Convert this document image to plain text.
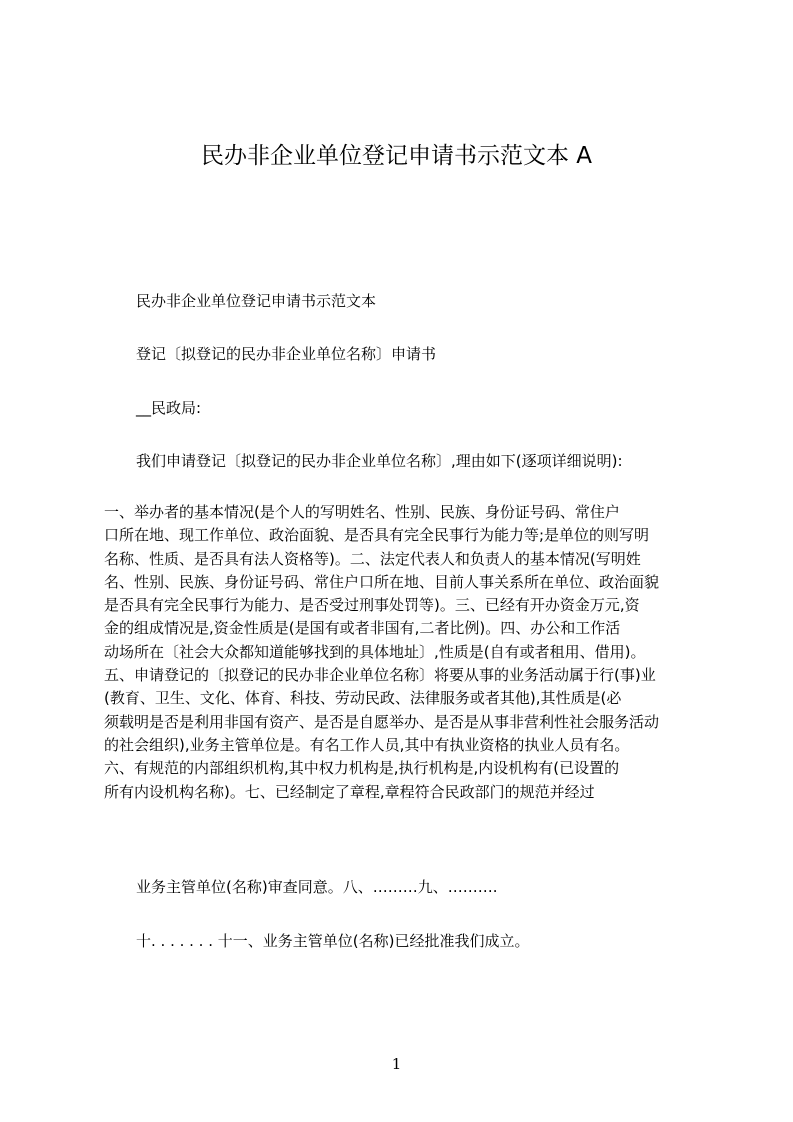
民办非企业单位登记申请书示范文本 A

民办非企业单位登记申请书示范文本

登记〔拟登记的民办非企业单位名称〕申请书

__民政局:

我们申请登记〔拟登记的民办非企业单位名称〕,理由如下(逐项详细说明):

一、举办者的基本情况(是个人的写明姓名、性别、民族、身份证号码、常住户
口所在地、现工作单位、政治面貌、是否具有完全民事行为能力等;是单位的则写明
名称、性质、是否具有法人资格等)。二、法定代表人和负责人的基本情况(写明姓
名、性别、民族、身份证号码、常住户口所在地、目前人事关系所在单位、政治面貌
是否具有完全民事行为能力、是否受过刑事处罚等)。三、已经有开办资金万元,资
金的组成情况是,资金性质是(是国有或者非国有,二者比例)。四、办公和工作活
动场所在〔社会大众都知道能够找到的具体地址〕,性质是(自有或者租用、借用)。
五、申请登记的〔拟登记的民办非企业单位名称〕将要从事的业务活动属于行(事)业
(教育、卫生、文化、体育、科技、劳动民政、法律服务或者其他),其性质是(必
须载明是否是利用非国有资产、是否是自愿举办、是否是从事非营利性社会服务活动
的社会组织),业务主管单位是。有名工作人员,其中有执业资格的执业人员有名。
六、有规范的内部组织机构,其中权力机构是,执行机构是,内设机构有(已设置的
所有内设机构名称)。七、已经制定了章程,章程符合民政部门的规范并经过

业务主管单位(名称)审查同意。八、………九、……….

十. . . . . . . 十一、业务主管单位(名称)已经批准我们成立。

1
